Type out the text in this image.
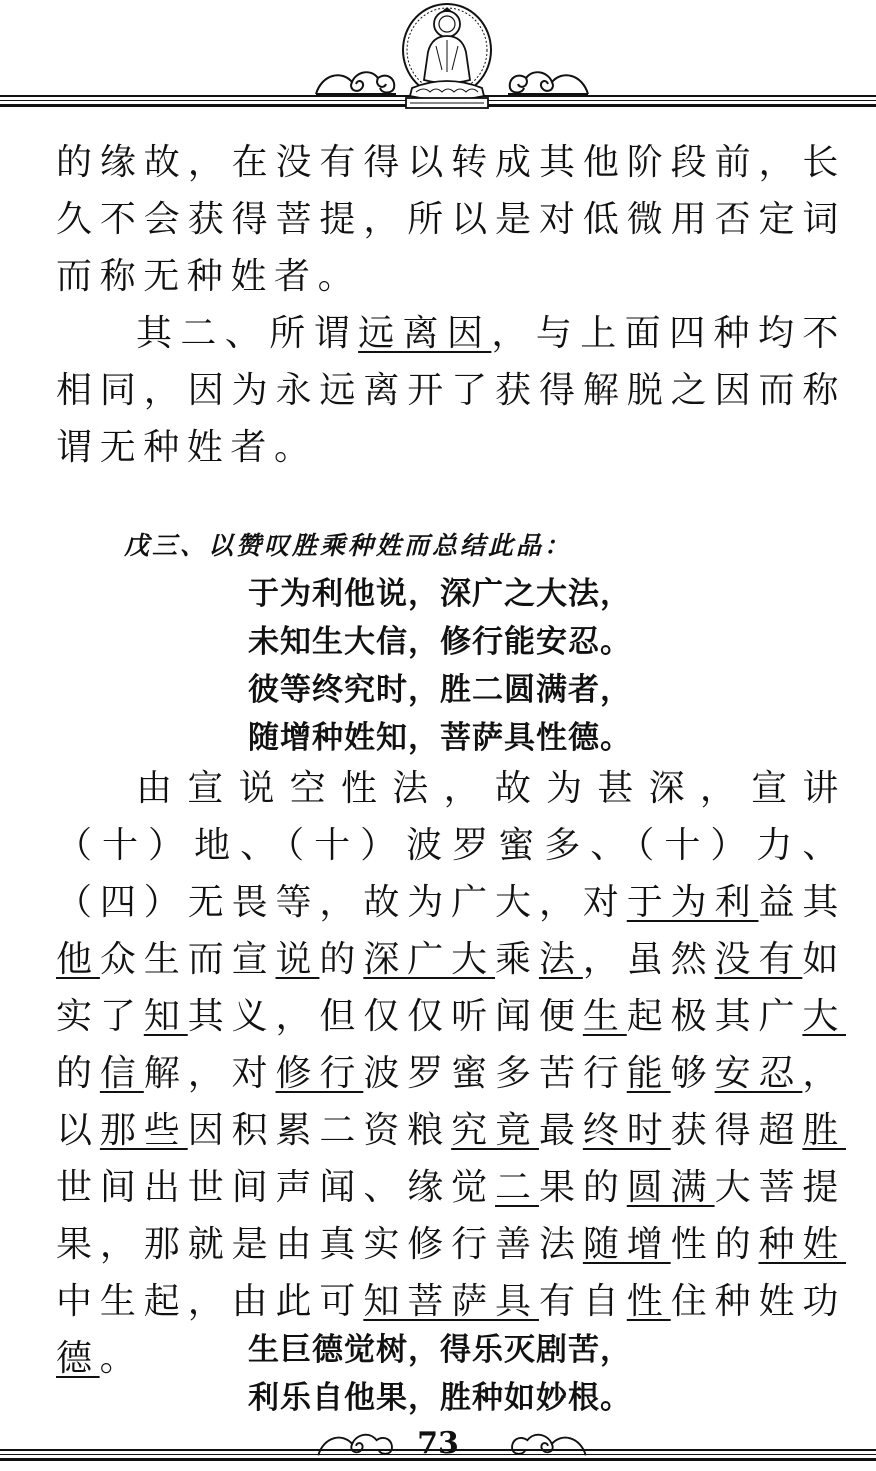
的缘故，在没有得以转成其他阶段前，长久不会获得菩提，所以是对低微用否定词而称无种姓者。

其二、所谓远离因，与上面四种均不相同，因为永远离开了获得解脱之因而称谓无种姓者。

戊三、以赞叹胜乘种姓而总结此品：
于为利他说，深广之大法，
未知生大信，修行能安忍。
彼等终究时，胜二圆满者，
随增种姓知，菩萨具性德。

由宣说空性法，故为甚深，宣讲（十）地、（十）波罗蜜多、（十）力、（四）无畏等，故为广大，对于为利益其他众生而宣说的深广大乘法，虽然没有如实了知其义，但仅仅听闻便生起极其广大的信解，对修行波罗蜜多苦行能够安忍，以那些因积累二资粮究竟最终时获得超胜世间出世间声闻、缘觉二果的圆满大菩提果，那就是由真实修行善法随增性的种姓中生起，由此可知菩萨具有自性住种姓功德。	生巨德觉树，得乐灭剧苦，
利乐自他果，胜种如妙根。
73
